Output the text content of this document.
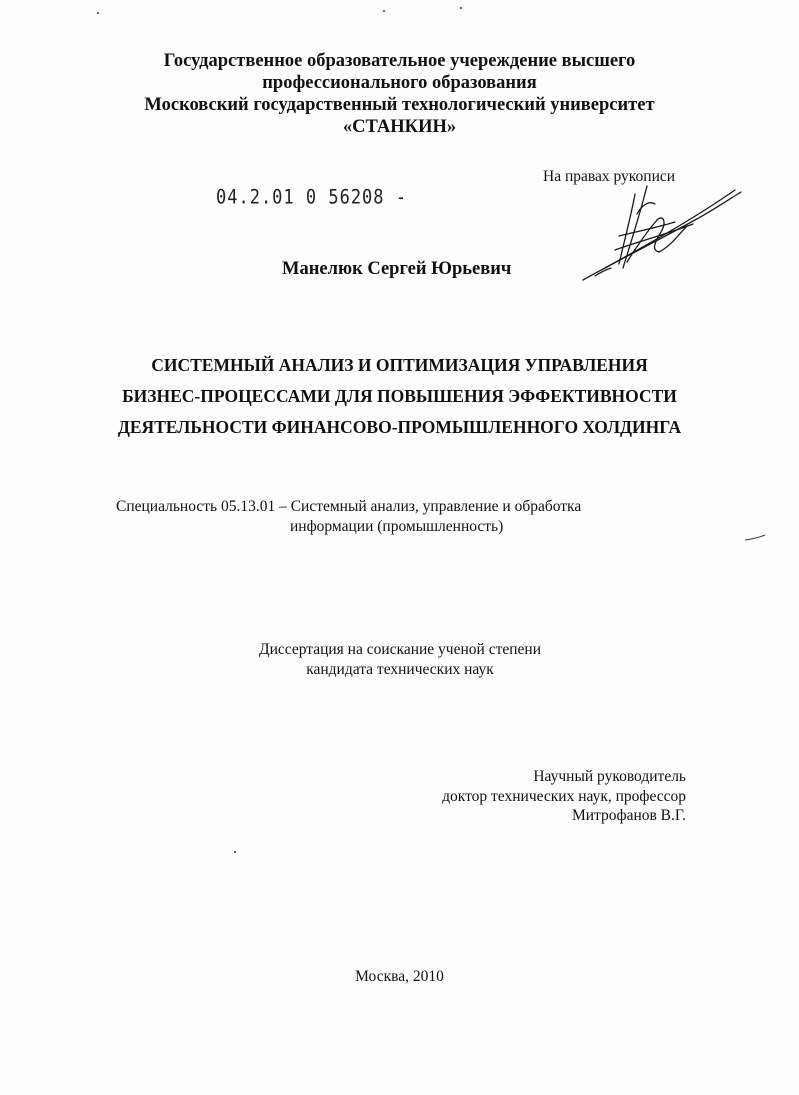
Государственное образовательное учереждение высшего
профессионального образования
Московский государственный технологический университет
«СТАНКИН»
04.2.01 0 56208 -
На правах рукописи
Манелюк Сергей Юрьевич
СИСТЕМНЫЙ АНАЛИЗ И ОПТИМИЗАЦИЯ УПРАВЛЕНИЯ
БИЗНЕС-ПРОЦЕССАМИ ДЛЯ ПОВЫШЕНИЯ ЭФФЕКТИВНОСТИ
ДЕЯТЕЛЬНОСТИ ФИНАНСОВО-ПРОМЫШЛЕННОГО ХОЛДИНГА
Специальность 05.13.01 – Системный анализ, управление и обработка
информации (промышленность)
Диссертация на соискание ученой степени
кандидата технических наук
Научный руководитель
доктор технических наук, профессор
Митрофанов В.Г.
Москва, 2010
